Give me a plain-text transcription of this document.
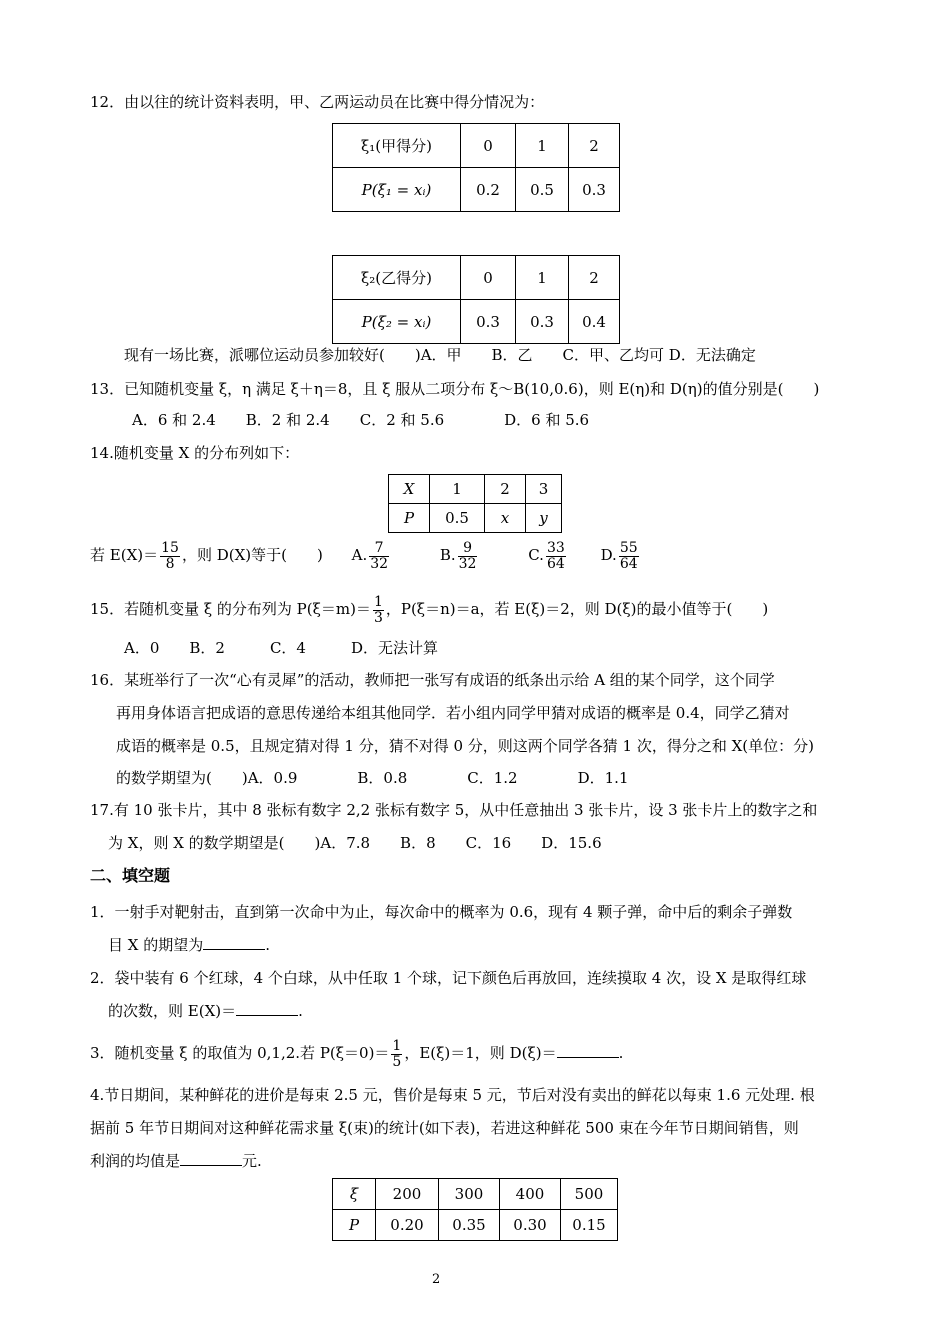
12．由以往的统计资料表明，甲、乙两运动员在比赛中得分情况为：
ξ₁(甲得分)	0	1	2
P(ξ₁ = xᵢ)	0.2	0.5	0.3
ξ₂(乙得分)	0	1	2
P(ξ₂ = xᵢ)	0.3	0.3	0.4
现有一场比赛，派哪位运动员参加较好(　　)A．甲　　B．乙　　C．甲、乙均可 D．无法确定
13．已知随机变量 ξ，η 满足 ξ＋η＝8，且 ξ 服从二项分布 ξ～B(10,0.6)，则 E(η)和 D(η)的值分别是(　　)
A．6 和 2.4　　B．2 和 2.4　　C．2 和 5.6　　　　D．6 和 5.6
14.随机变量 X 的分布列如下：
X	1	2	3
P	0.5	x	y
若 $E(X)= \frac{15}{8}$ ，则 D(X)等于(　　) A. $\frac{7}{32}$	B. $\frac{9}{32}$	C. $\frac{33}{64} D$. $\frac{55}{64}$
15．若随机变量 ξ 的分布列为 $P(\xi=m)= \frac{1}{3}$ ，P(ξ＝n)＝a，若 E(ξ)＝2，则 D(ξ)的最小值等于(　　)
A．0　　B．2　　　C．4　　　D．无法计算
16．某班举行了一次“心有灵犀”的活动，教师把一张写有成语的纸条出示给 A 组的某个同学，这个同学
再用身体语言把成语的意思传递给本组其他同学．若小组内同学甲猜对成语的概率是 0.4，同学乙猜对
成语的概率是 0.5，且规定猜对得 1 分，猜不对得 0 分，则这两个同学各猜 1 次，得分之和 X(单位：分)
的数学期望为(　　)A．0.9　　　　B．0.8　　　　C．1.2　　　　D．1.1
17.有 10 张卡片，其中 8 张标有数字 2,2 张标有数字 5，从中任意抽出 3 张卡片，设 3 张卡片上的数字之和
为 X，则 X 的数学期望是(　　)A．7.8　　B．8　　C．16　　D．15.6
二、填空题
1．一射手对靶射击，直到第一次命中为止，每次命中的概率为 0.6，现有 4 颗子弹，命中后的剩余子弹数
目 X 的期望为	.
2．袋中装有 6 个红球，4 个白球，从中任取 1 个球，记下颜色后再放回，连续摸取 4 次，设 X 是取得红球
的次数，则 E(X)＝	.
3．随机变量 ξ 的取值为 0,1,2.若 $P(\xi=0)= \frac{1}{5}$ ，E(ξ)＝1，则 D(ξ)＝	.
4.节日期间，某种鲜花的进价是每束 2.5 元，售价是每束 5 元，节后对没有卖出的鲜花以每束 1.6 元处理. 根
据前 5 年节日期间对这种鲜花需求量 ξ(束)的统计(如下表)，若进这种鲜花 500 束在今年节日期间销售，则
利润的均值是	元.
ξ	200	300	400	500
P	0.20	0.35	0.30	0.15
2
